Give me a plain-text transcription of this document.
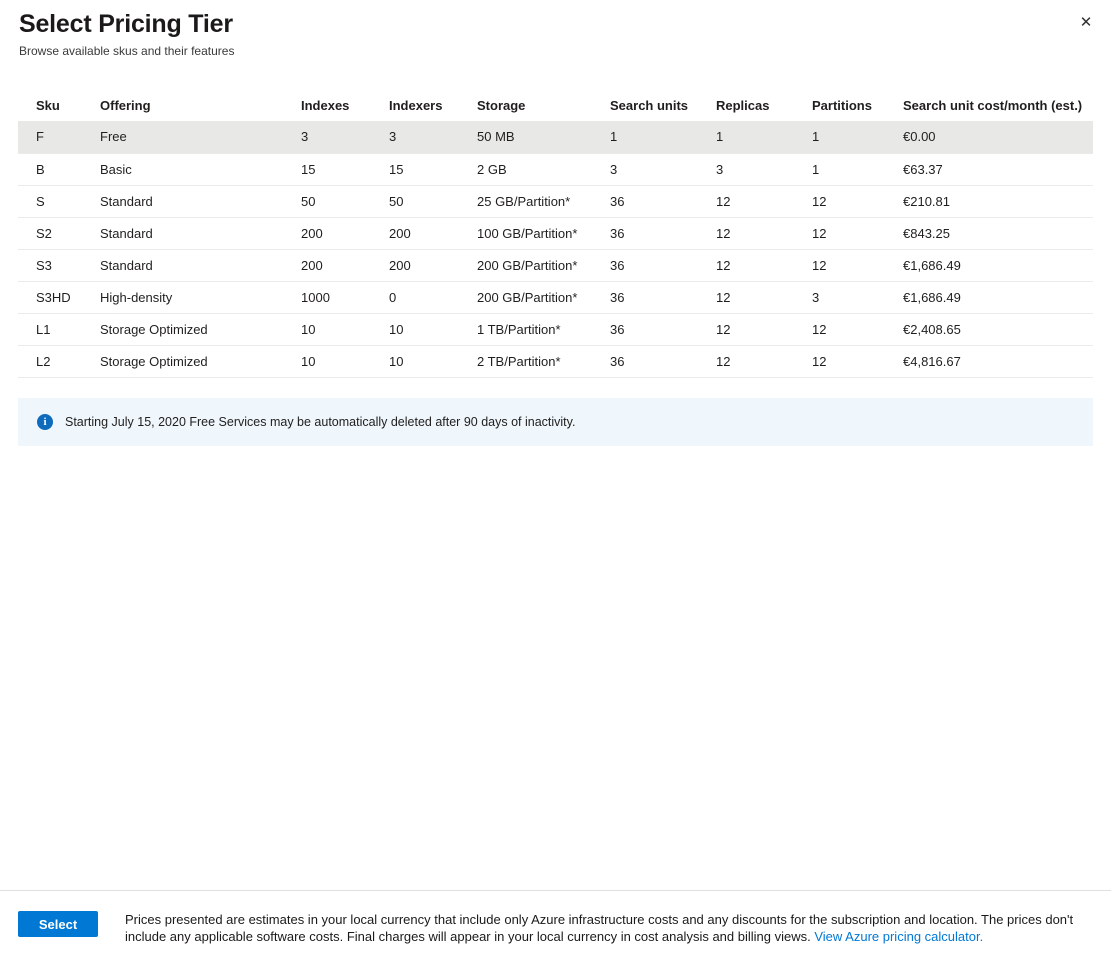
Select Pricing Tier
Browse available skus and their features
✕
Sku	Offering	Indexes	Indexers	Storage	Search units	Replicas	Partitions	Search unit cost/month (est.)
F	Free	3	3	50 MB	1	1	1	€0.00
B	Basic	15	15	2 GB	3	3	1	€63.37
S	Standard	50	50	25 GB/Partition*	36	12	12	€210.81
S2	Standard	200	200	100 GB/Partition*	36	12	12	€843.25
S3	Standard	200	200	200 GB/Partition*	36	12	12	€1,686.49
S3HD	High-density	1000	0	200 GB/Partition*	36	12	3	€1,686.49
L1	Storage Optimized	10	10	1 TB/Partition*	36	12	12	€2,408.65
L2	Storage Optimized	10	10	2 TB/Partition*	36	12	12	€4,816.67
i	Starting July 15, 2020 Free Services may be automatically deleted after 90 days of inactivity.
Select	Prices presented are estimates in your local currency that include only Azure infrastructure costs and any discounts for the subscription and location. The prices don't include any applicable software costs. Final charges will appear in your local currency in cost analysis and billing views. View Azure pricing calculator.
